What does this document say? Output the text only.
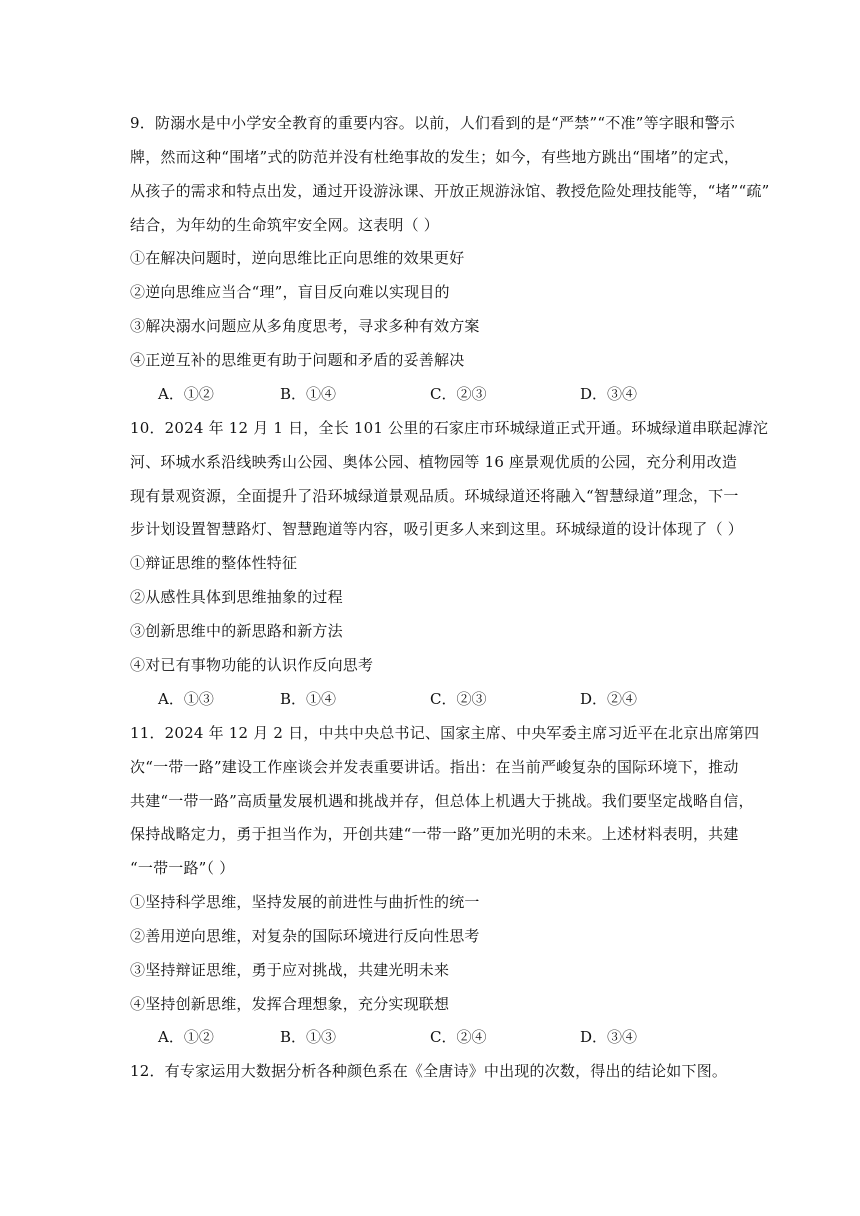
9．防溺水是中小学安全教育的重要内容。以前，人们看到的是“严禁”“不准”等字眼和警示
牌，然而这种“围堵”式的防范并没有杜绝事故的发生；如今，有些地方跳出“围堵”的定式，
从孩子的需求和特点出发，通过开设游泳课、开放正规游泳馆、教授危险处理技能等，“堵”“疏”
结合，为年幼的生命筑牢安全网。这表明（ ）
①在解决问题时，逆向思维比正向思维的效果更好
②逆向思维应当合“理”，盲目反向难以实现目的
③解决溺水问题应从多角度思考，寻求多种有效方案
④正逆互补的思维更有助于问题和矛盾的妥善解决
A．①②	B．①④	C．②③	D．③④
10．2024 年 12 月 1 日，全长 101 公里的石家庄市环城绿道正式开通。环城绿道串联起滹沱
河、环城水系沿线映秀山公园、奥体公园、植物园等 16 座景观优质的公园，充分利用改造
现有景观资源，全面提升了沿环城绿道景观品质。环城绿道还将融入“智慧绿道”理念，下一
步计划设置智慧路灯、智慧跑道等内容，吸引更多人来到这里。环城绿道的设计体现了（ ）
①辩证思维的整体性特征
②从感性具体到思维抽象的过程
③创新思维中的新思路和新方法
④对已有事物功能的认识作反向思考
A．①③	B．①④	C．②③	D．②④
11．2024 年 12 月 2 日，中共中央总书记、国家主席、中央军委主席习近平在北京出席第四
次“一带一路”建设工作座谈会并发表重要讲话。指出：在当前严峻复杂的国际环境下，推动
共建“一带一路”高质量发展机遇和挑战并存，但总体上机遇大于挑战。我们要坚定战略自信，
保持战略定力，勇于担当作为，开创共建“一带一路”更加光明的未来。上述材料表明，共建
“一带一路”（ ）
①坚持科学思维，坚持发展的前进性与曲折性的统一
②善用逆向思维，对复杂的国际环境进行反向性思考
③坚持辩证思维，勇于应对挑战，共建光明未来
④坚持创新思维，发挥合理想象，充分实现联想
A．①②	B．①③	C．②④	D．③④
12．有专家运用大数据分析各种颜色系在《全唐诗》中出现的次数，得出的结论如下图。
